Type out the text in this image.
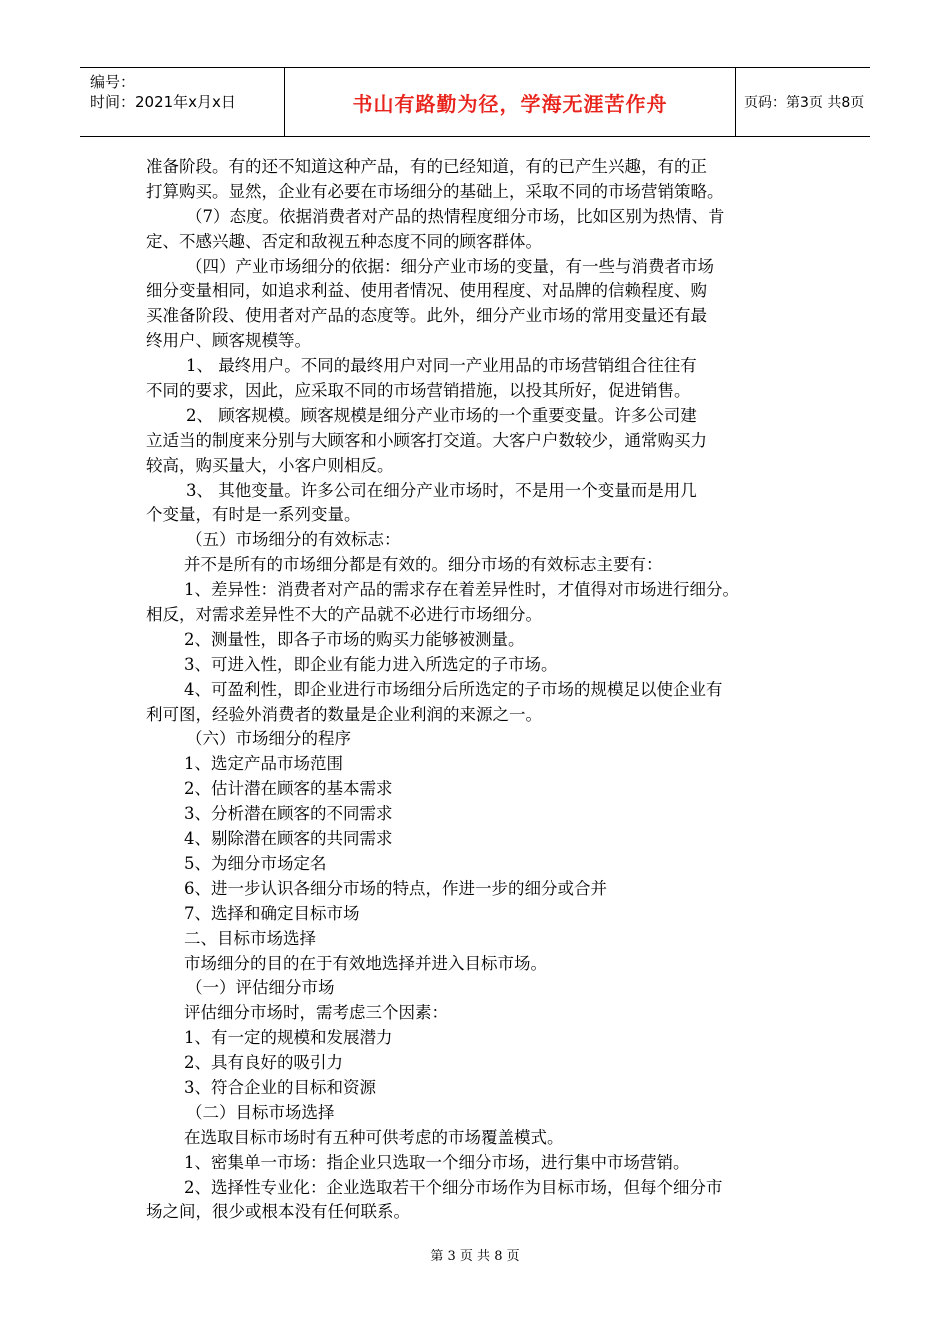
编号：
时间：2021年x月x日	书山有路勤为径，学海无涯苦作舟	页码：第3页 共8页
准备阶段。有的还不知道这种产品，有的已经知道，有的已产生兴趣，有的正
打算购买。显然，企业有必要在市场细分的基础上，采取不同的市场营销策略。
（7）态度。依据消费者对产品的热情程度细分市场，比如区别为热情、肯
定、不感兴趣、否定和敌视五种态度不同的顾客群体。
（四）产业市场细分的依据：细分产业市场的变量，有一些与消费者市场
细分变量相同，如追求利益、使用者情况、使用程度、对品牌的信赖程度、购
买准备阶段、使用者对产品的态度等。此外，细分产业市场的常用变量还有最
终用户、顾客规模等。
1、 最终用户。不同的最终用户对同一产业用品的市场营销组合往往有
不同的要求，因此，应采取不同的市场营销措施，以投其所好，促进销售。
2、 顾客规模。顾客规模是细分产业市场的一个重要变量。许多公司建
立适当的制度来分别与大顾客和小顾客打交道。大客户户数较少，通常购买力
较高，购买量大，小客户则相反。
3、 其他变量。许多公司在细分产业市场时，不是用一个变量而是用几
个变量，有时是一系列变量。
（五）市场细分的有效标志：
并不是所有的市场细分都是有效的。细分市场的有效标志主要有：
1、差异性：消费者对产品的需求存在着差异性时，才值得对市场进行细分。
相反，对需求差异性不大的产品就不必进行市场细分。
2、测量性，即各子市场的购买力能够被测量。
3、可进入性，即企业有能力进入所选定的子市场。
4、可盈利性，即企业进行市场细分后所选定的子市场的规模足以使企业有
利可图，经验外消费者的数量是企业利润的来源之一。
（六）市场细分的程序
1、选定产品市场范围
2、估计潜在顾客的基本需求
3、分析潜在顾客的不同需求
4、剔除潜在顾客的共同需求
5、为细分市场定名
6、进一步认识各细分市场的特点，作进一步的细分或合并
7、选择和确定目标市场
二、目标市场选择
市场细分的目的在于有效地选择并进入目标市场。
（一）评估细分市场
评估细分市场时，需考虑三个因素：
1、有一定的规模和发展潜力
2、具有良好的吸引力
3、符合企业的目标和资源
（二）目标市场选择
在选取目标市场时有五种可供考虑的市场覆盖模式。
1、密集单一市场：指企业只选取一个细分市场，进行集中市场营销。
2、选择性专业化：企业选取若干个细分市场作为目标市场，但每个细分市
场之间，很少或根本没有任何联系。
第 3 页 共 8 页
